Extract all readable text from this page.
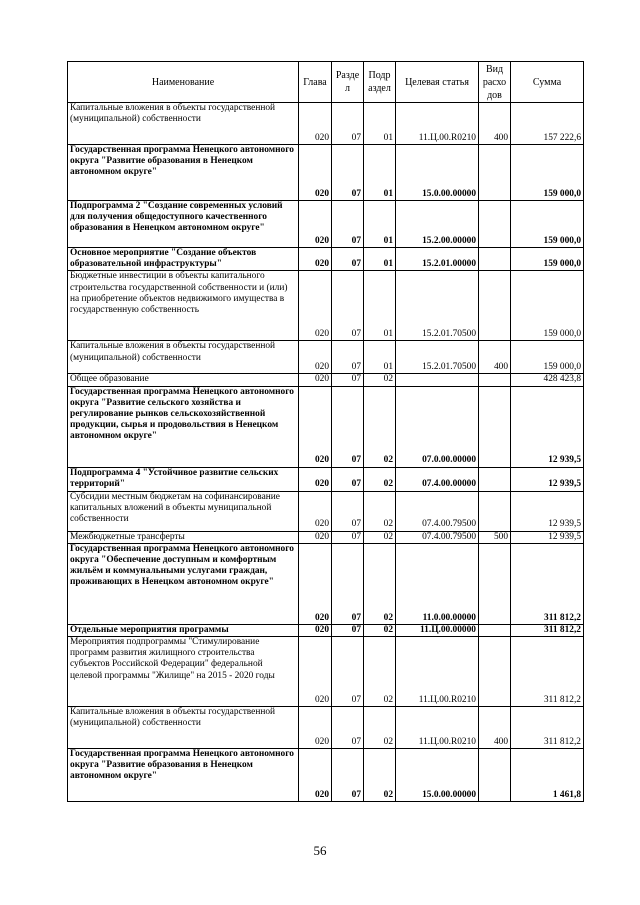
Наименование	Глава	Разде л	Подр аздел	Целевая статья	Вид расхо дов	Сумма
Капитальные вложения в объекты государственной (муниципальной) собственности	020	07	01	11.Ц.00.R0210	400	157 222,6
Государственная программа Ненецкого автономного округа "Развитие образования в Ненецком автономном округе"	020	07	01	15.0.00.00000		159 000,0
Подпрограмма 2 "Создание современных условий для получения общедоступного качественного образования в Ненецком автономном округе"	020	07	01	15.2.00.00000		159 000,0
Основное мероприятие "Создание объектов образовательной инфраструктуры"	020	07	01	15.2.01.00000		159 000,0
Бюджетные инвестиции в объекты капитального строительства государственной собственности и (или) на приобретение объектов недвижимого имущества в государственную собственность	020	07	01	15.2.01.70500		159 000,0
Капитальные вложения в объекты государственной (муниципальной) собственности	020	07	01	15.2.01.70500	400	159 000,0
Общее образование	020	07	02			428 423,8
Государственная программа Ненецкого автономного округа "Развитие сельского хозяйства и регулирование рынков сельскохозяйственной продукции, сырья и продовольствия в Ненецком автономном округе"	020	07	02	07.0.00.00000		12 939,5
Подпрограмма 4 "Устойчивое развитие сельских территорий"	020	07	02	07.4.00.00000		12 939,5
Субсидии местным бюджетам на софинансирование капитальных вложений в объекты муниципальной собственности	020	07	02	07.4.00.79500		12 939,5
Межбюджетные трансферты	020	07	02	07.4.00.79500	500	12 939,5
Государственная программа Ненецкого автономного округа "Обеспечение доступным и комфортным жильём и коммунальными услугами граждан, проживающих в Ненецком автономном округе"	020	07	02	11.0.00.00000		311 812,2
Отдельные мероприятия программы	020	07	02	11.Ц.00.00000		311 812,2
Мероприятия подпрограммы "Стимулирование программ развития жилищного строительства субъектов Российской Федерации" федеральной целевой программы "Жилище" на 2015 - 2020 годы	020	07	02	11.Ц.00.R0210		311 812,2
Капитальные вложения в объекты государственной (муниципальной) собственности	020	07	02	11.Ц.00.R0210	400	311 812,2
Государственная программа Ненецкого автономного округа "Развитие образования в Ненецком автономном округе"	020	07	02	15.0.00.00000		1 461,8
56
